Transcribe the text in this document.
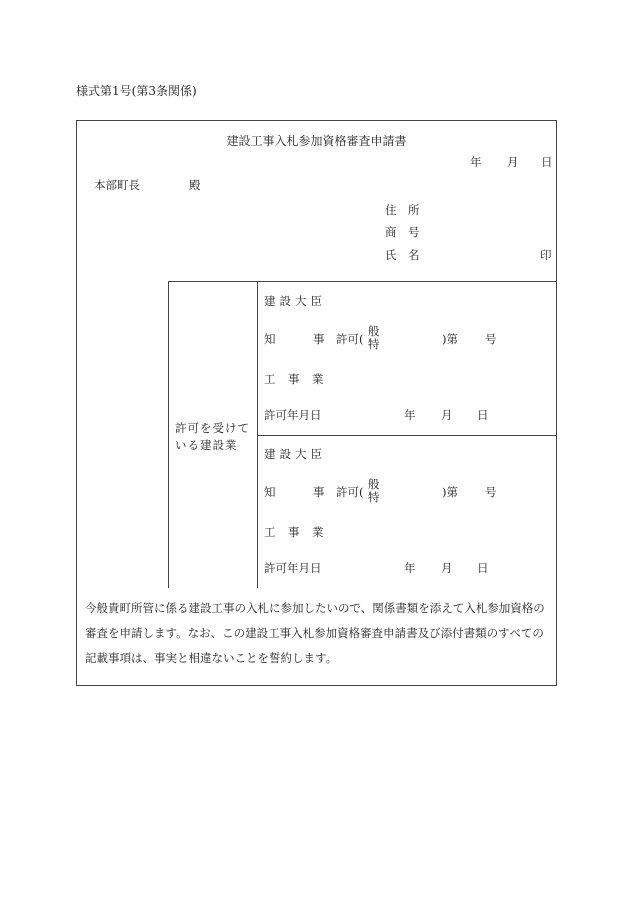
様式第1号(第3条関係)
建設工事入札参加資格審査申請書
年 月 日
本部町長	殿
住 所
商 号
氏 名	印
許可を受けている建設業
建設大臣
知	事 許可(
般
特	)第 号
工 事 業
許可年月日	年 月 日
建設大臣
知	事 許可(
般
特	)第 号
工 事 業
許可年月日	年 月 日
今般貴町所管に係る建設工事の入札に参加したいので、関係書類を添えて入札参加資格の
審査を申請します。なお、この建設工事入札参加資格審査申請書及び添付書類のすべての
記載事項は、事実と相違ないことを誓約します。
